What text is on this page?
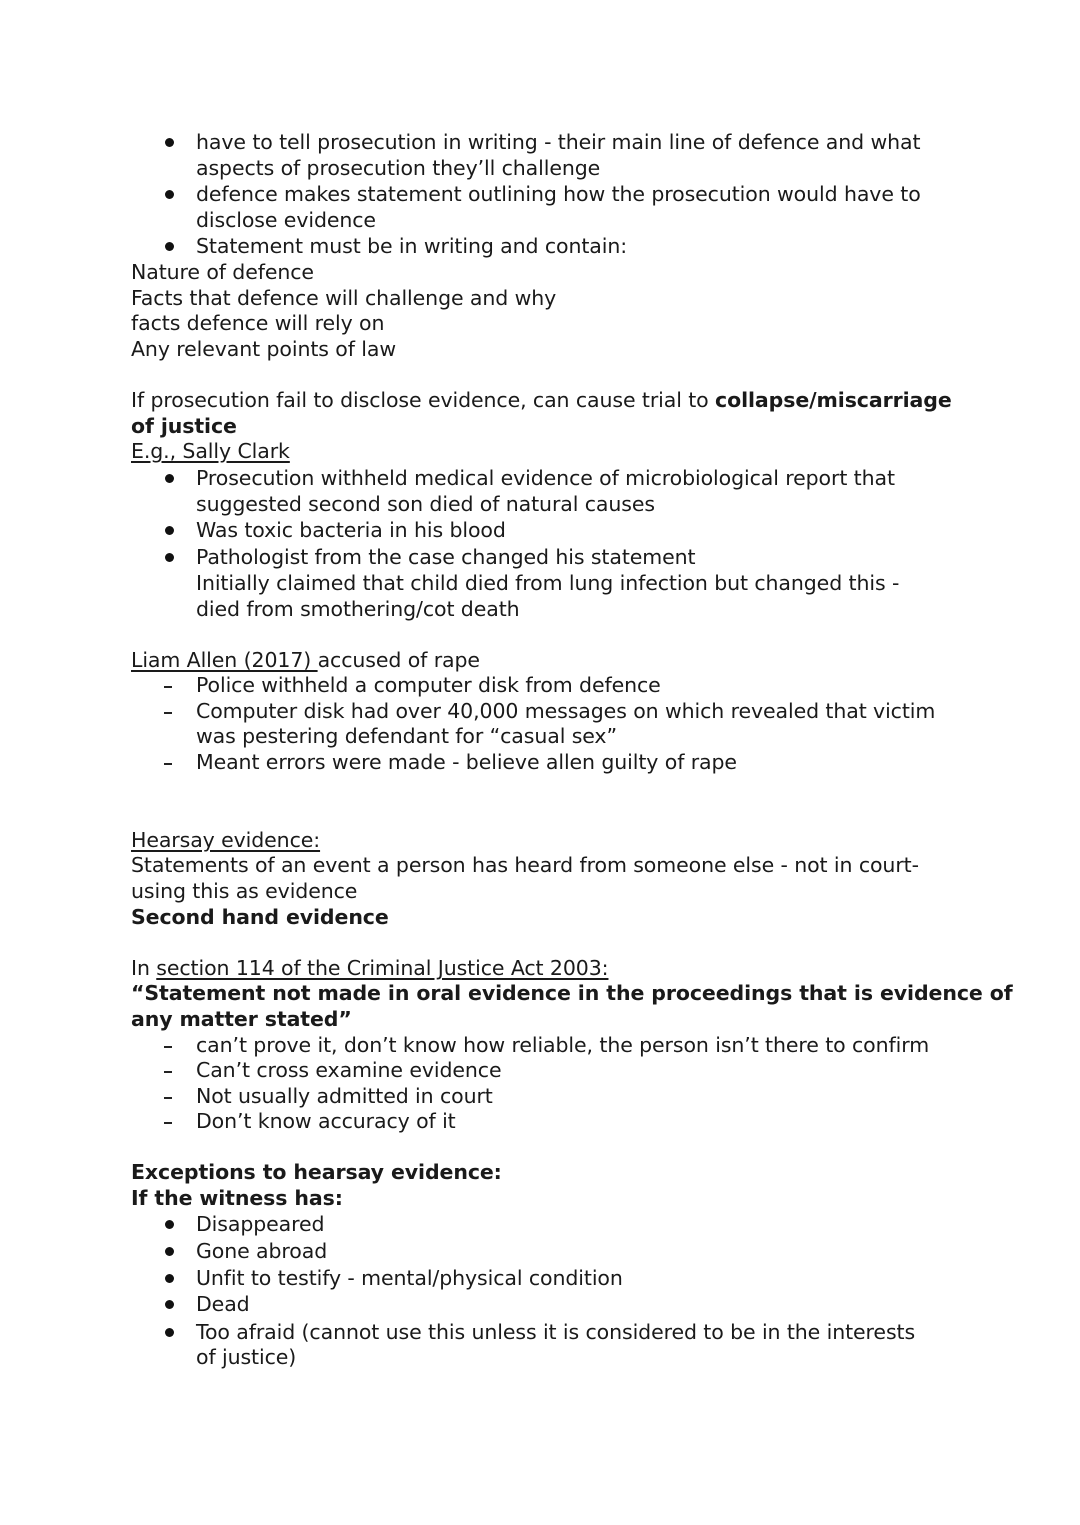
have to tell prosecution in writing - their main line of defence and what
aspects of prosecution they’ll challenge
defence makes statement outlining how the prosecution would have to
disclose evidence
Statement must be in writing and contain:
Nature of defence
Facts that defence will challenge and why
facts defence will rely on
Any relevant points of law
If prosecution fail to disclose evidence, can cause trial to collapse/miscarriage
of justice
E.g., Sally Clark
Prosecution withheld medical evidence of microbiological report that
suggested second son died of natural causes
Was toxic bacteria in his blood
Pathologist from the case changed his statement
Initially claimed that child died from lung infection but changed this -
died from smothering/cot death
Liam Allen (2017) accused of rape
Police withheld a computer disk from defence
Computer disk had over 40,000 messages on which revealed that victim
was pestering defendant for “casual sex”
Meant errors were made - believe allen guilty of rape
Hearsay evidence:
Statements of an event a person has heard from someone else - not in court-
using this as evidence
Second hand evidence
In section 114 of the Criminal Justice Act 2003:
“Statement not made in oral evidence in the proceedings that is evidence of
any matter stated”
can’t prove it, don’t know how reliable, the person isn’t there to confirm
Can’t cross examine evidence
Not usually admitted in court
Don’t know accuracy of it
Exceptions to hearsay evidence:
If the witness has:
Disappeared
Gone abroad
Unfit to testify - mental/physical condition
Dead
Too afraid (cannot use this unless it is considered to be in the interests
of justice)
